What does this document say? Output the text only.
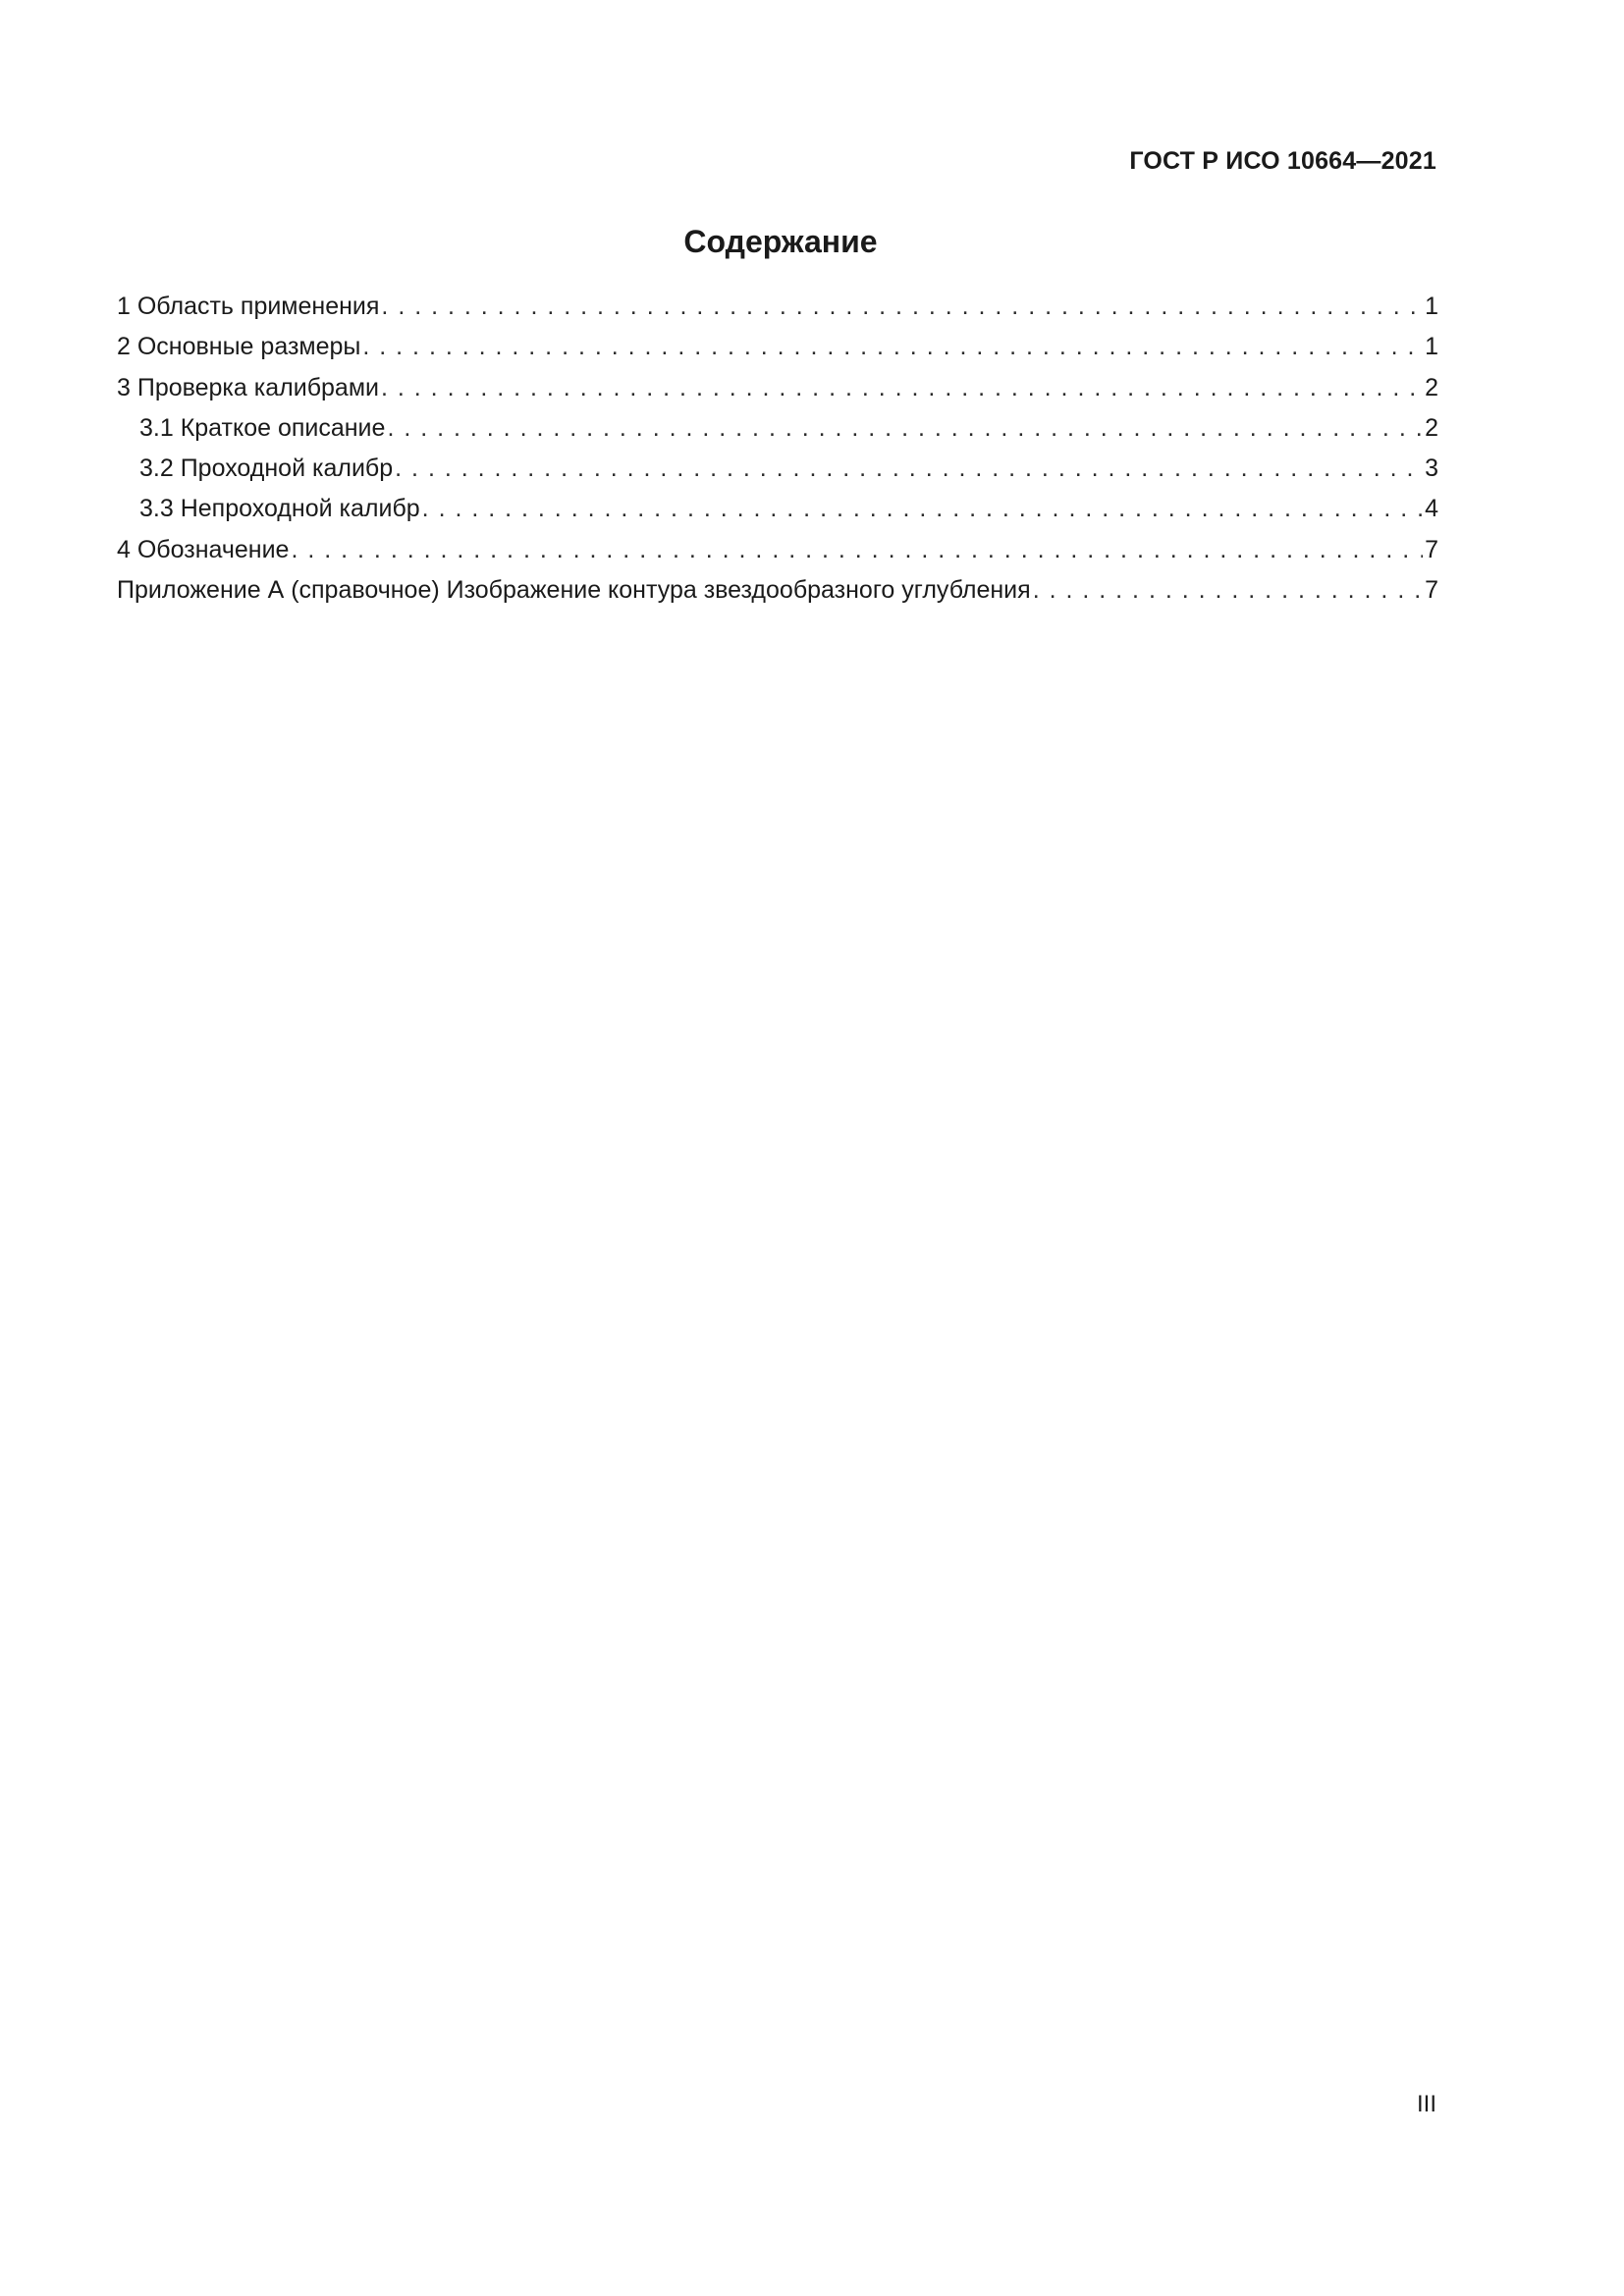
ГОСТ Р ИСО 10664—2021
Содержание
1 Область применения . . .	1
2 Основные размеры . . .	1
3 Проверка калибрами . . .	2
3.1 Краткое описание . . .	2
3.2 Проходной калибр . . .	3
3.3 Непроходной калибр . . .	4
4 Обозначение . . .	7
Приложение А (справочное) Изображение контура звездообразного углубления . . .	7
III
